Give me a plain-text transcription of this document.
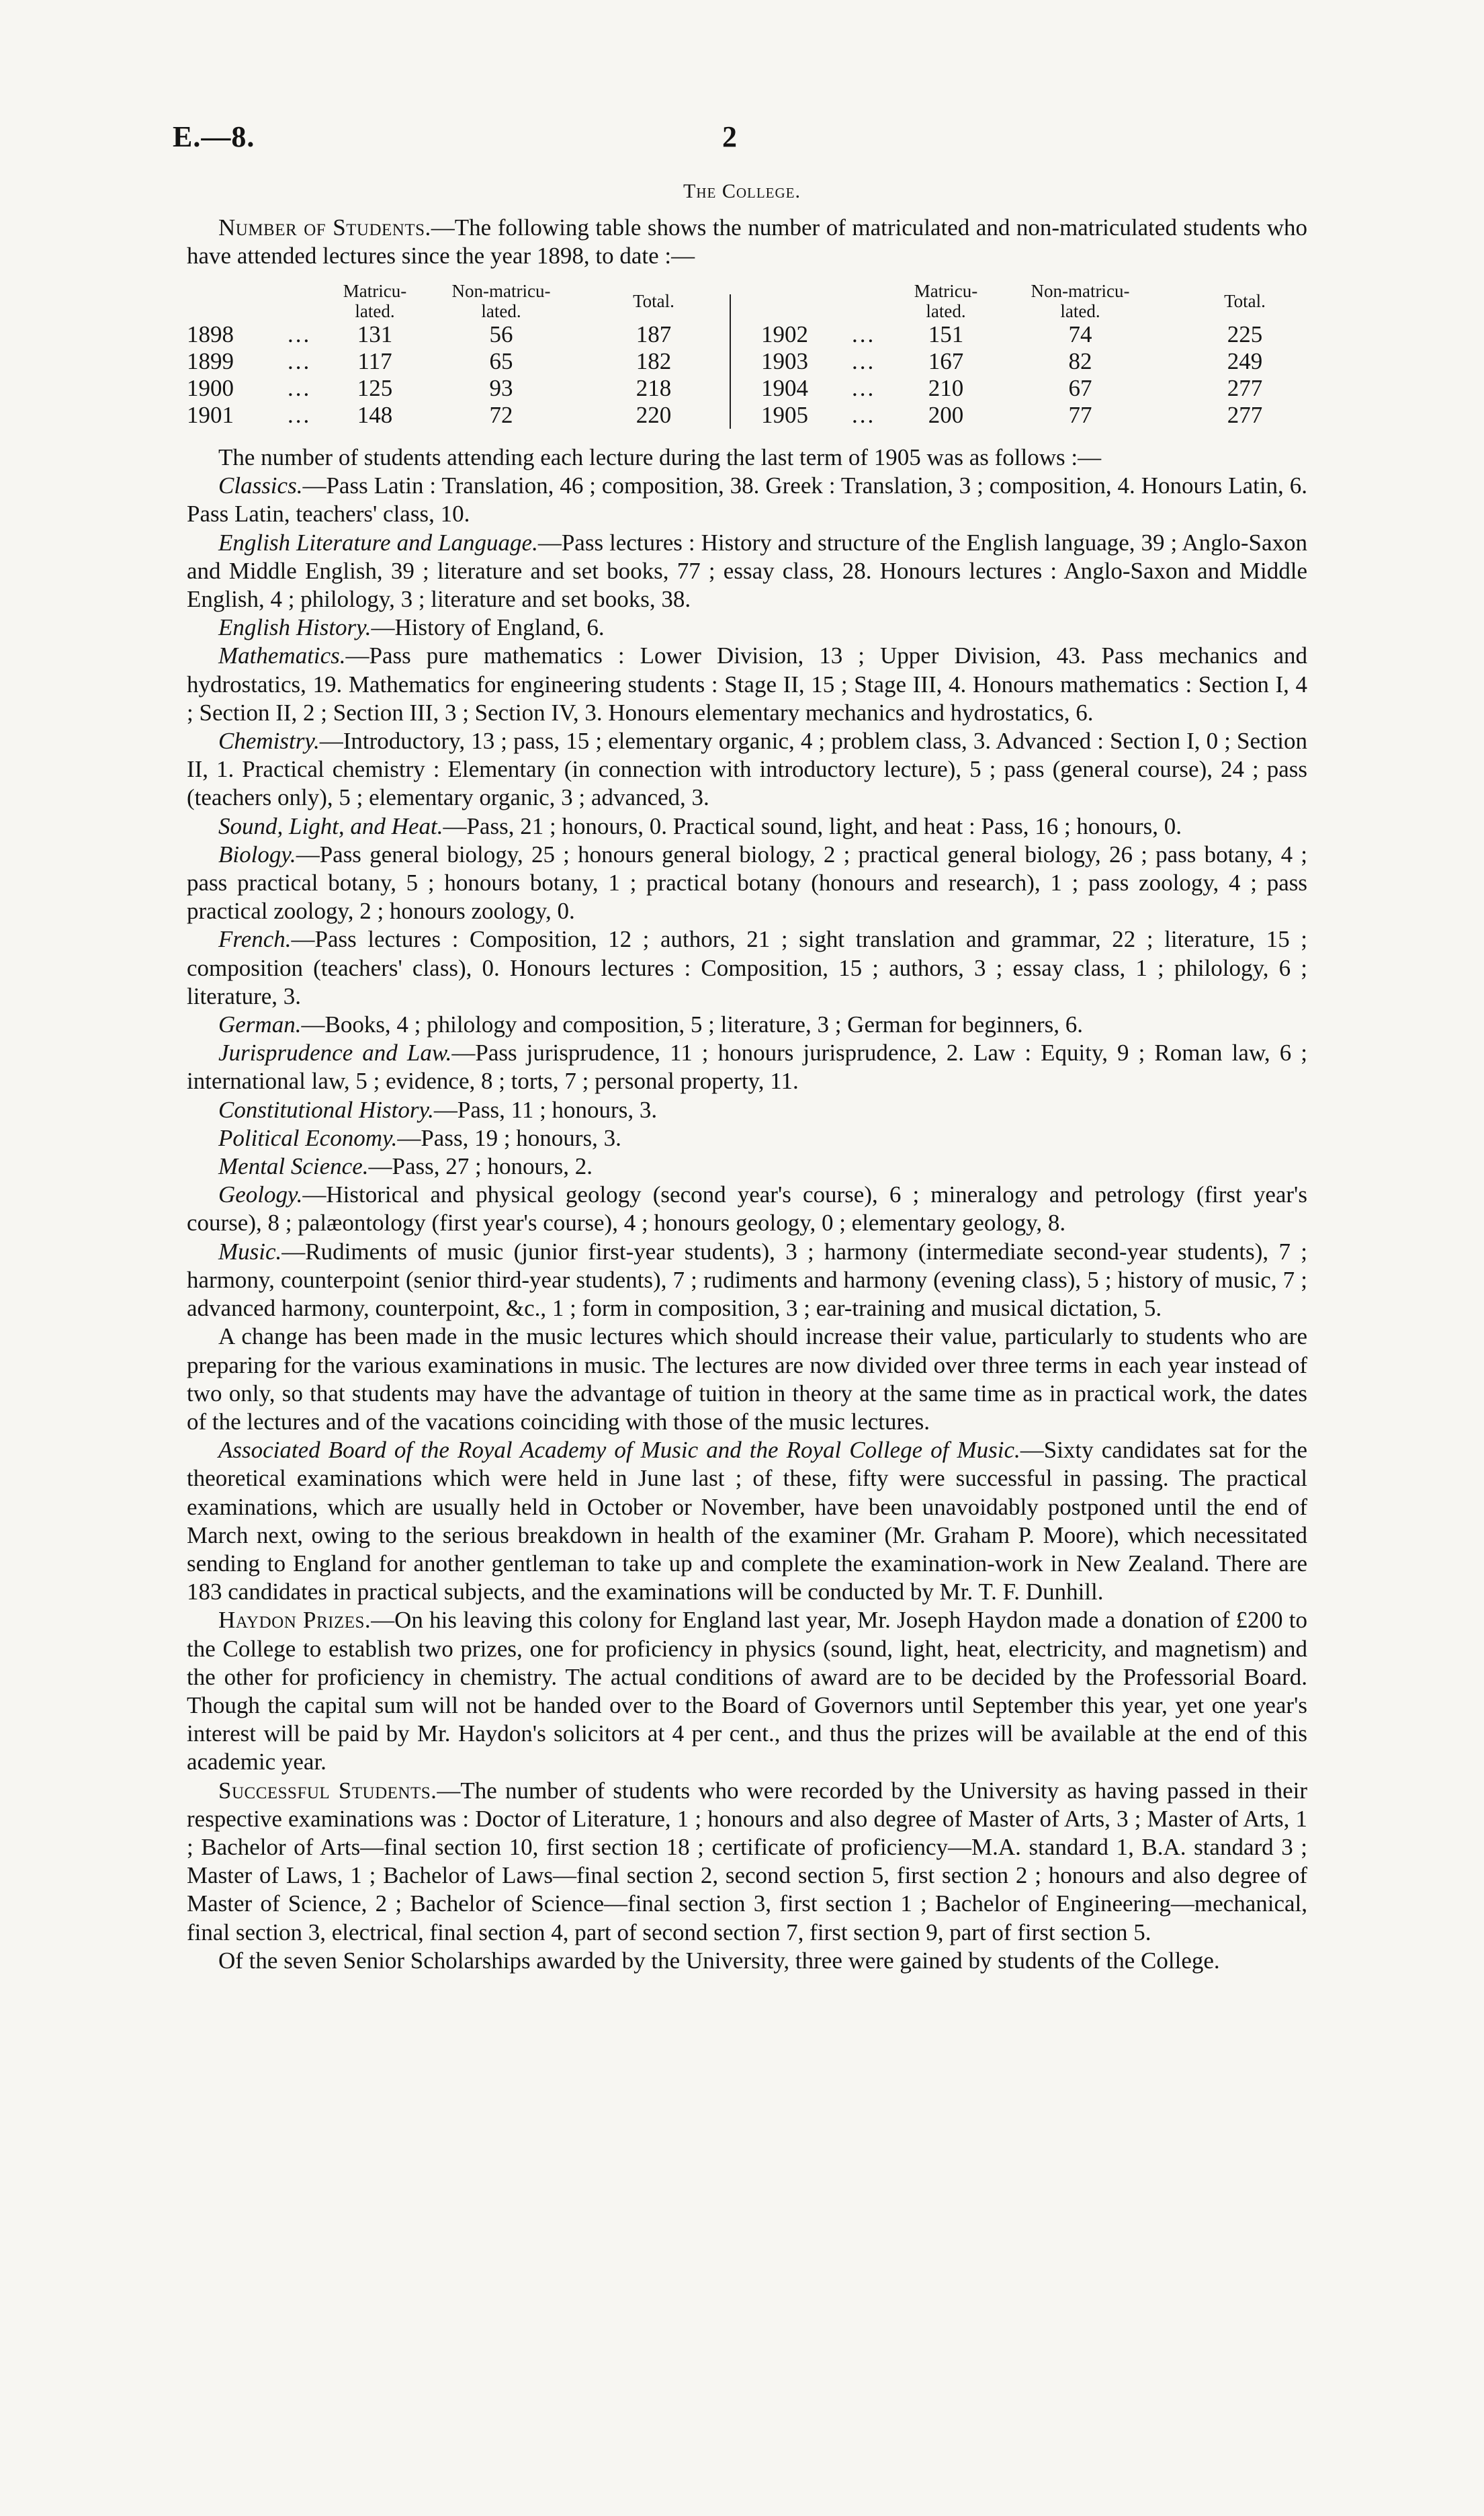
E.—8.	2
The College.

Number of Students.—The following table shows the number of matriculated and non-matriculated students who have attended lectures since the year 1898, to date :—

Matricu- lated.
Non-matricu- lated.	Total.
1898 ...	131	56	187
1899 ...	117	65	182
1900 ...	125	93	218
1901 ...	148	72	220
Matricu- lated.
Non-matricu- lated.	Total.
1902 ...	151	74	225
1903 ...	167	82	249
1904 ...	210	67	277
1905 ...	200	77	277

The number of students attending each lecture during the last term of 1905 was as follows :—

Classics.—Pass Latin : Translation, 46 ; composition, 38. Greek : Translation, 3 ; composition, 4. Honours Latin, 6. Pass Latin, teachers' class, 10.

English Literature and Language.—Pass lectures : History and structure of the English language, 39 ; Anglo-Saxon and Middle English, 39 ; literature and set books, 77 ; essay class, 28. Honours lectures : Anglo-Saxon and Middle English, 4 ; philology, 3 ; literature and set books, 38.

English History.—History of England, 6.

Mathematics.—Pass pure mathematics : Lower Division, 13 ; Upper Division, 43. Pass mechanics and hydrostatics, 19. Mathematics for engineering students : Stage II, 15 ; Stage III, 4. Honours mathematics : Section I, 4 ; Section II, 2 ; Section III, 3 ; Section IV, 3. Honours elementary mechanics and hydrostatics, 6.

Chemistry.—Introductory, 13 ; pass, 15 ; elementary organic, 4 ; problem class, 3. Advanced : Section I, 0 ; Section II, 1. Practical chemistry : Elementary (in connection with introductory lecture), 5 ; pass (general course), 24 ; pass (teachers only), 5 ; elementary organic, 3 ; advanced, 3.

Sound, Light, and Heat.—Pass, 21 ; honours, 0. Practical sound, light, and heat : Pass, 16 ; honours, 0.

Biology.—Pass general biology, 25 ; honours general biology, 2 ; practical general biology, 26 ; pass botany, 4 ; pass practical botany, 5 ; honours botany, 1 ; practical botany (honours and research), 1 ; pass zoology, 4 ; pass practical zoology, 2 ; honours zoology, 0.

French.—Pass lectures : Composition, 12 ; authors, 21 ; sight translation and grammar, 22 ; literature, 15 ; composition (teachers' class), 0. Honours lectures : Composition, 15 ; authors, 3 ; essay class, 1 ; philology, 6 ; literature, 3.

German.—Books, 4 ; philology and composition, 5 ; literature, 3 ; German for beginners, 6.

Jurisprudence and Law.—Pass jurisprudence, 11 ; honours jurisprudence, 2. Law : Equity, 9 ; Roman law, 6 ; international law, 5 ; evidence, 8 ; torts, 7 ; personal property, 11.

Constitutional History.—Pass, 11 ; honours, 3.

Political Economy.—Pass, 19 ; honours, 3.

Mental Science.—Pass, 27 ; honours, 2.

Geology.—Historical and physical geology (second year's course), 6 ; mineralogy and petrology (first year's course), 8 ; palæontology (first year's course), 4 ; honours geology, 0 ; elementary geology, 8.

Music.—Rudiments of music (junior first-year students), 3 ; harmony (intermediate second-year students), 7 ; harmony, counterpoint (senior third-year students), 7 ; rudiments and harmony (evening class), 5 ; history of music, 7 ; advanced harmony, counterpoint, &c., 1 ; form in composition, 3 ; ear-training and musical dictation, 5.

A change has been made in the music lectures which should increase their value, particularly to students who are preparing for the various examinations in music. The lectures are now divided over three terms in each year instead of two only, so that students may have the advantage of tuition in theory at the same time as in practical work, the dates of the lectures and of the vacations coinciding with those of the music lectures.

Associated Board of the Royal Academy of Music and the Royal College of Music.—Sixty candidates sat for the theoretical examinations which were held in June last ; of these, fifty were successful in passing. The practical examinations, which are usually held in October or November, have been unavoidably postponed until the end of March next, owing to the serious breakdown in health of the examiner (Mr. Graham P. Moore), which necessitated sending to England for another gentleman to take up and complete the examination-work in New Zealand. There are 183 candidates in practical subjects, and the examinations will be conducted by Mr. T. F. Dunhill.

Haydon Prizes.—On his leaving this colony for England last year, Mr. Joseph Haydon made a donation of £200 to the College to establish two prizes, one for proficiency in physics (sound, light, heat, electricity, and magnetism) and the other for proficiency in chemistry. The actual conditions of award are to be decided by the Professorial Board. Though the capital sum will not be handed over to the Board of Governors until September this year, yet one year's interest will be paid by Mr. Haydon's solicitors at 4 per cent., and thus the prizes will be available at the end of this academic year.

Successful Students.—The number of students who were recorded by the University as having passed in their respective examinations was : Doctor of Literature, 1 ; honours and also degree of Master of Arts, 3 ; Master of Arts, 1 ; Bachelor of Arts—final section 10, first section 18 ; certificate of proficiency—M.A. standard 1, B.A. standard 3 ; Master of Laws, 1 ; Bachelor of Laws—final section 2, second section 5, first section 2 ; honours and also degree of Master of Science, 2 ; Bachelor of Science—final section 3, first section 1 ; Bachelor of Engineering—mechanical, final section 3, electrical, final section 4, part of second section 7, first section 9, part of first section 5.

Of the seven Senior Scholarships awarded by the University, three were gained by students of the College.
